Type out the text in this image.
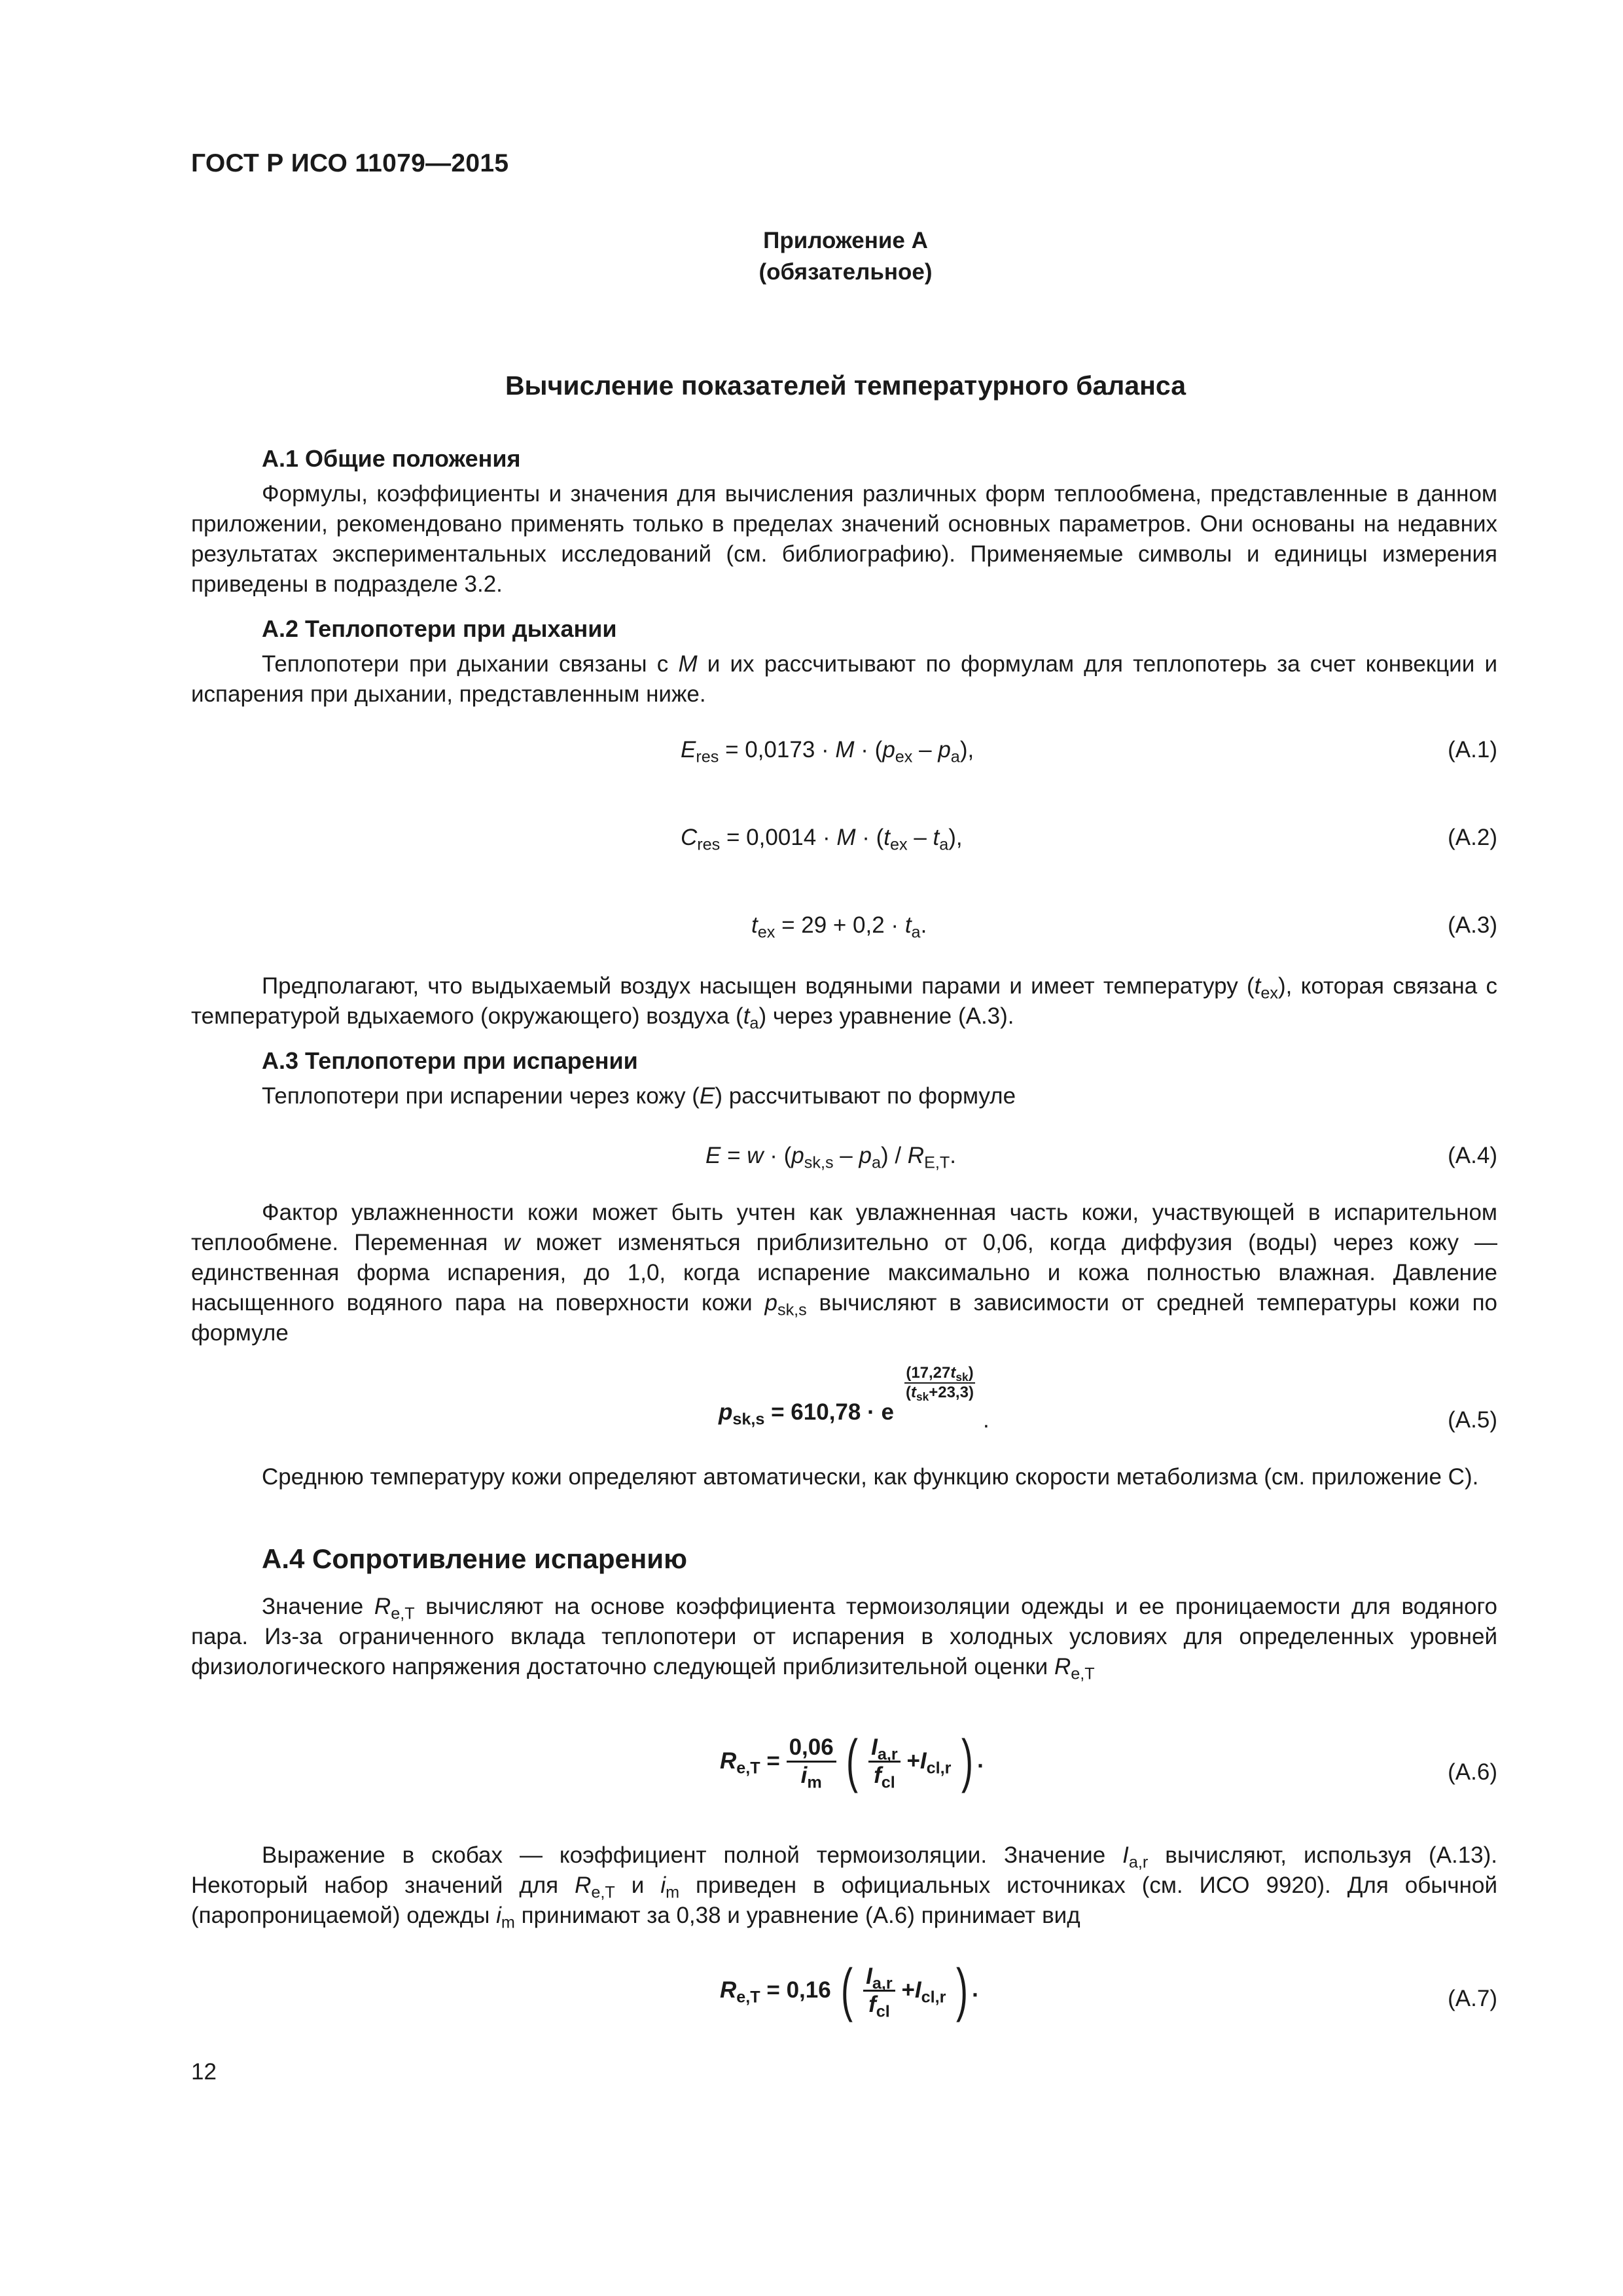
ГОСТ Р ИСО 11079—2015
Приложение А
(обязательное)
Вычисление показателей температурного баланса
А.1 Общие положения
Формулы, коэффициенты и значения для вычисления различных форм теплообмена, представленные в данном приложении, рекомендовано применять только в пределах значений основных параметров. Они основаны на недавних результатах экспериментальных исследований (см. библиографию). Применяемые символы и единицы измерения приведены в подразделе 3.2.
А.2 Теплопотери при дыхании
Теплопотери при дыхании связаны с M и их рассчитывают по формулам для теплопотерь за счет конвекции и испарения при дыхании, представленным ниже.
$E_{res} = 0,0173 \cdot M \cdot (p_{ex} - p_a)$,	(А.1)
$C_{res} = 0,0014 \cdot M \cdot (t_{ex} - t_a)$,	(А.2)
$t_{ex} = 29 + 0,2 \cdot t_a$.	(А.3)
Предполагают, что выдыхаемый воздух насыщен водяными парами и имеет температуру $(t_{ex})$, которая связана с температурой вдыхаемого (окружающего) воздуха $(t_a)$ через уравнение (А.3).
А.3 Теплопотери при испарении
Теплопотери при испарении через кожу (E) рассчитывают по формуле
$E = w \cdot (p_{sk,s} - p_a) / R_{E,T}$.	(А.4)
Фактор увлажненности кожи может быть учтен как увлажненная часть кожи, участвующей в испарительном теплообмене. Переменная w может изменяться приблизительно от 0,06, когда диффузия (воды) через кожу — единственная форма испарения, до 1,0, когда испарение максимально и кожа полностью влажная. Давление насыщенного водяного пара на поверхности кожи $p_{sk,s}$ вычисляют в зависимости от средней температуры кожи по формуле
$p_{sk,s} = 610,78 \cdot e$
$(17,27t_{sk})$
$(t_{sk}+23,3)$
.	(А.5)
Среднюю температуру кожи определяют автоматически, как функцию скорости метаболизма (см. приложение С).
А.4 Сопротивление испарению
Значение $R_{e,T}$ вычисляют на основе коэффициента термоизоляции одежды и ее проницаемости для водяного пара. Из-за ограниченного вклада теплопотери от испарения в холодных условиях для определенных уровней физиологического напряжения достаточно следующей приблизительной оценки $R_{e,T}$
$R_{e,T} = \frac{0,06}{i_m}$ ( $\frac{I_{a,r}}{f_{cl}} +I_{cl,r}$ ) .	(А.6)
Выражение в скобах — коэффициент полной термоизоляции. Значение $I_{a,r}$ вычисляют, используя (А.13). Некоторый набор значений для $R_{e,T}$ и $i_m$ приведен в официальных источниках (см. ИСО 9920). Для обычной (паропроницаемой) одежды $i_m$ принимают за 0,38 и уравнение (А.6) принимает вид
$R_{e,T} = 0,16$ ( $\frac{I_{a,r}}{f_{cl}} +I_{cl,r}$ ) .	(А.7)
12
